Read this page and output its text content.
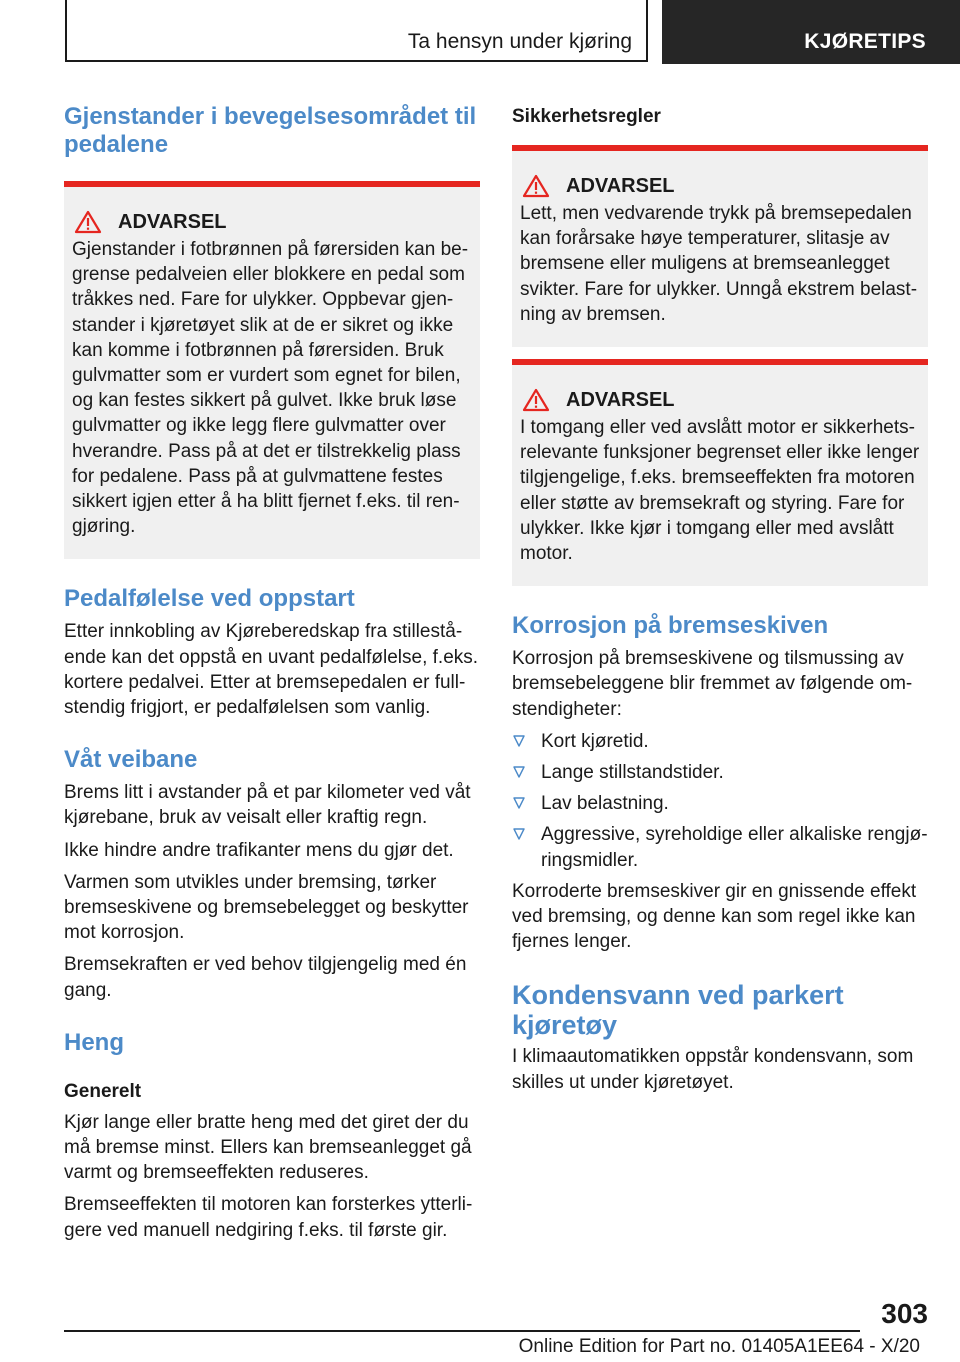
Ta hensyn under kjøring	KJØRETIPS
Gjenstander i bevegelsesområdet til pedalene
ADVARSEL

Gjenstander i fotbrønnen på førersiden kan begrense pedalveien eller blokkere en pedal som tråkkes ned. Fare for ulykker. Oppbevar gjenstander i kjøretøyet slik at de er sikret og ikke kan komme i fotbrønnen på førersiden. Bruk gulvmatter som er vurdert som egnet for bilen, og kan festes sikkert på gulvet. Ikke bruk løse gulvmatter og ikke legg flere gulvmatter over hverandre. Pass på at det er tilstrekkelig plass for pedalene. Pass på at gulvmattene festes sikkert igjen etter å ha blitt fjernet f.eks. til rengjøring.

Pedalfølelse ved oppstart

Etter innkobling av Kjøreberedskap fra stillestående kan det oppstå en uvant pedalfølelse, f.eks. kortere pedalvei. Etter at bremsepedalen er fullstendig frigjort, er pedalfølelsen som vanlig.

Våt veibane

Brems litt i avstander på et par kilometer ved våt kjørebane, bruk av veisalt eller kraftig regn.

Ikke hindre andre trafikanter mens du gjør det.

Varmen som utvikles under bremsing, tørker bremseskivene og bremsebelegget og beskytter mot korrosjon.

Bremsekraften er ved behov tilgjengelig med én gang.

Heng
Generelt

Kjør lange eller bratte heng med det giret der du må bremse minst. Ellers kan bremseanlegget gå varmt og bremseeffekten reduseres.

Bremseeffekten til motoren kan forsterkes ytterligere ved manuell nedgiring f.eks. til første gir.

Sikkerhetsregler
ADVARSEL

Lett, men vedvarende trykk på bremsepedalen kan forårsake høye temperaturer, slitasje av bremsene eller muligens at bremseanlegget svikter. Fare for ulykker. Unngå ekstrem belastning av bremsen.

ADVARSEL

I tomgang eller ved avslått motor er sikkerhetsrelevante funksjoner begrenset eller ikke lenger tilgjengelige, f.eks. bremseeffekten fra motoren eller støtte av bremsekraft og styring. Fare for ulykker. Ikke kjør i tomgang eller med avslått motor.

Korrosjon på bremseskiven

Korrosjon på bremseskivene og tilsmussing av bremsebeleggene blir fremmet av følgende omstendigheter:

Kort kjøretid.
Lange stillstandstider.
Lav belastning.
Aggressive, syreholdige eller alkaliske rengjøringsmidler.

Korroderte bremseskiver gir en gnissende effekt ved bremsing, og denne kan som regel ikke kan fjernes lenger.

Kondensvann ved parkert kjøretøy

I klimaautomatikken oppstår kondensvann, som skilles ut under kjøretøyet.

303
Online Edition for Part no. 01405A1EE64 - X/20
